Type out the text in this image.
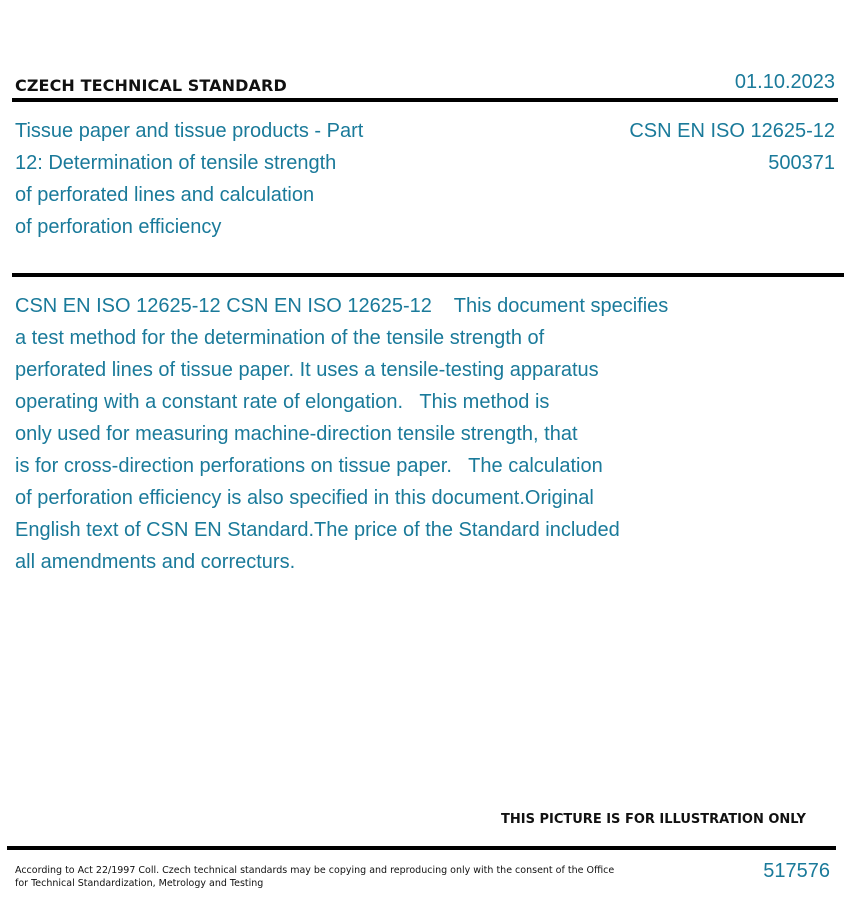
CZECH TECHNICAL STANDARD	01.10.2023
Tissue paper and tissue products - Part
12: Determination of tensile strength
of perforated lines and calculation
of perforation efficiency
CSN EN ISO 12625-12
500371
CSN EN ISO 12625-12 CSN EN ISO 12625-12    This document specifies
a test method for the determination of the tensile strength of
perforated lines of tissue paper. It uses a tensile-testing apparatus
operating with a constant rate of elongation.   This method is
only used for measuring machine-direction tensile strength, that
is for cross-direction perforations on tissue paper.   The calculation
of perforation efficiency is also specified in this document.Original
English text of CSN EN Standard.The price of the Standard included
all amendments and correcturs.
THIS PICTURE IS FOR ILLUSTRATION ONLY
According to Act 22/1997 Coll. Czech technical standards may be copying and reproducing only with the consent of the Office
for Technical Standardization, Metrology and Testing
517576
